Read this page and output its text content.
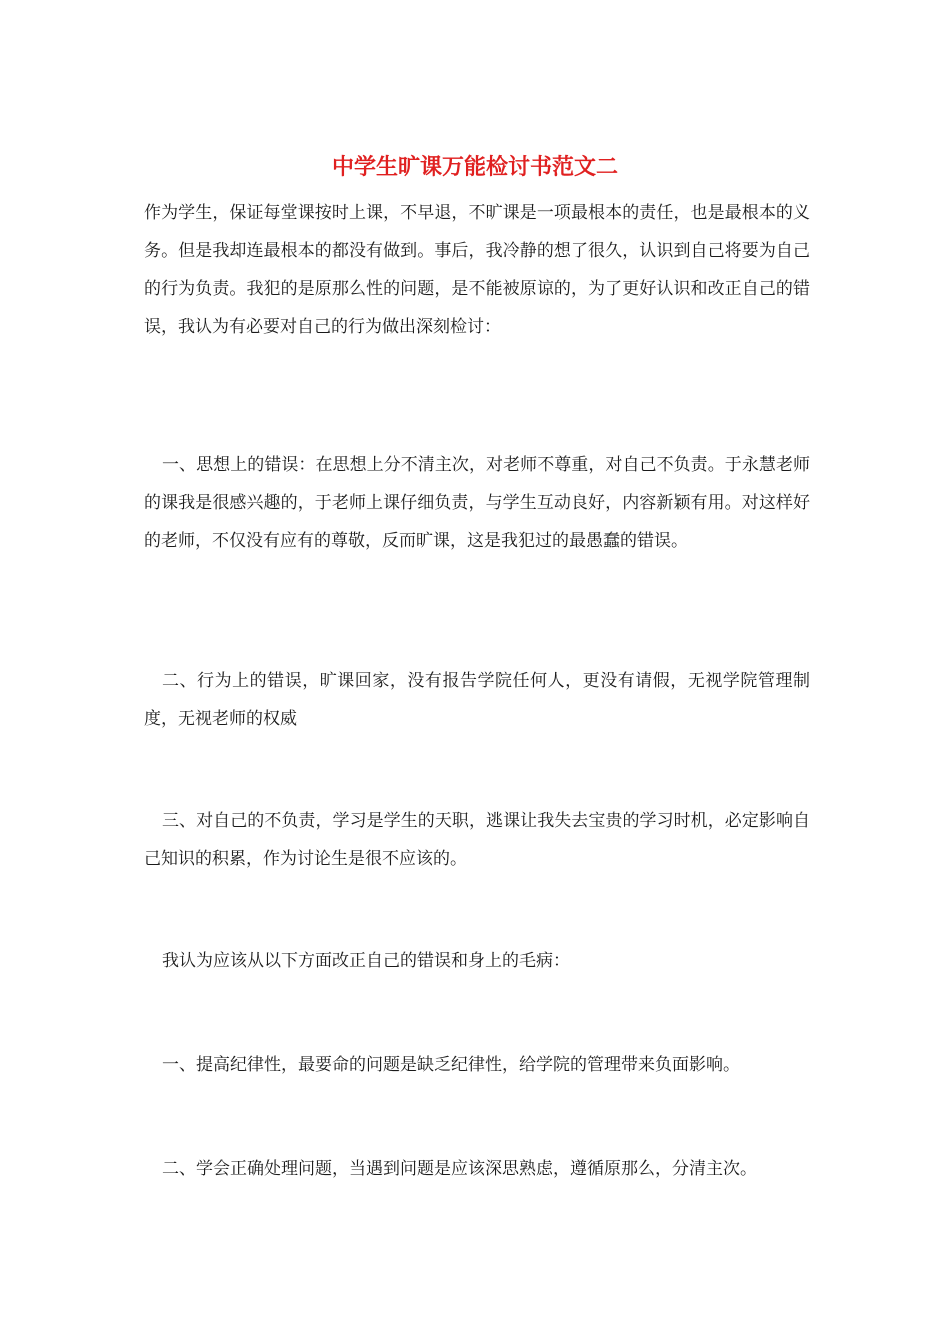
中学生旷课万能检讨书范文二

作为学生，保证每堂课按时上课，不早退，不旷课是一项最根本的责任，也是最根本的义务。但是我却连最根本的都没有做到。事后，我冷静的想了很久，认识到自己将要为自己的行为负责。我犯的是原那么性的问题，是不能被原谅的，为了更好认识和改正自己的错误，我认为有必要对自己的行为做出深刻检讨：

一、思想上的错误：在思想上分不清主次，对老师不尊重，对自己不负责。于永慧老师的课我是很感兴趣的，于老师上课仔细负责，与学生互动良好，内容新颖有用。对这样好的老师，不仅没有应有的尊敬，反而旷课，这是我犯过的最愚蠢的错误。

二、行为上的错误，旷课回家，没有报告学院任何人，更没有请假，无视学院管理制度，无视老师的权威

三、对自己的不负责，学习是学生的天职，逃课让我失去宝贵的学习时机，必定影响自己知识的积累，作为讨论生是很不应该的。

我认为应该从以下方面改正自己的错误和身上的毛病：

一、提高纪律性，最要命的问题是缺乏纪律性，给学院的管理带来负面影响。

二、学会正确处理问题，当遇到问题是应该深思熟虑，遵循原那么，分清主次。
